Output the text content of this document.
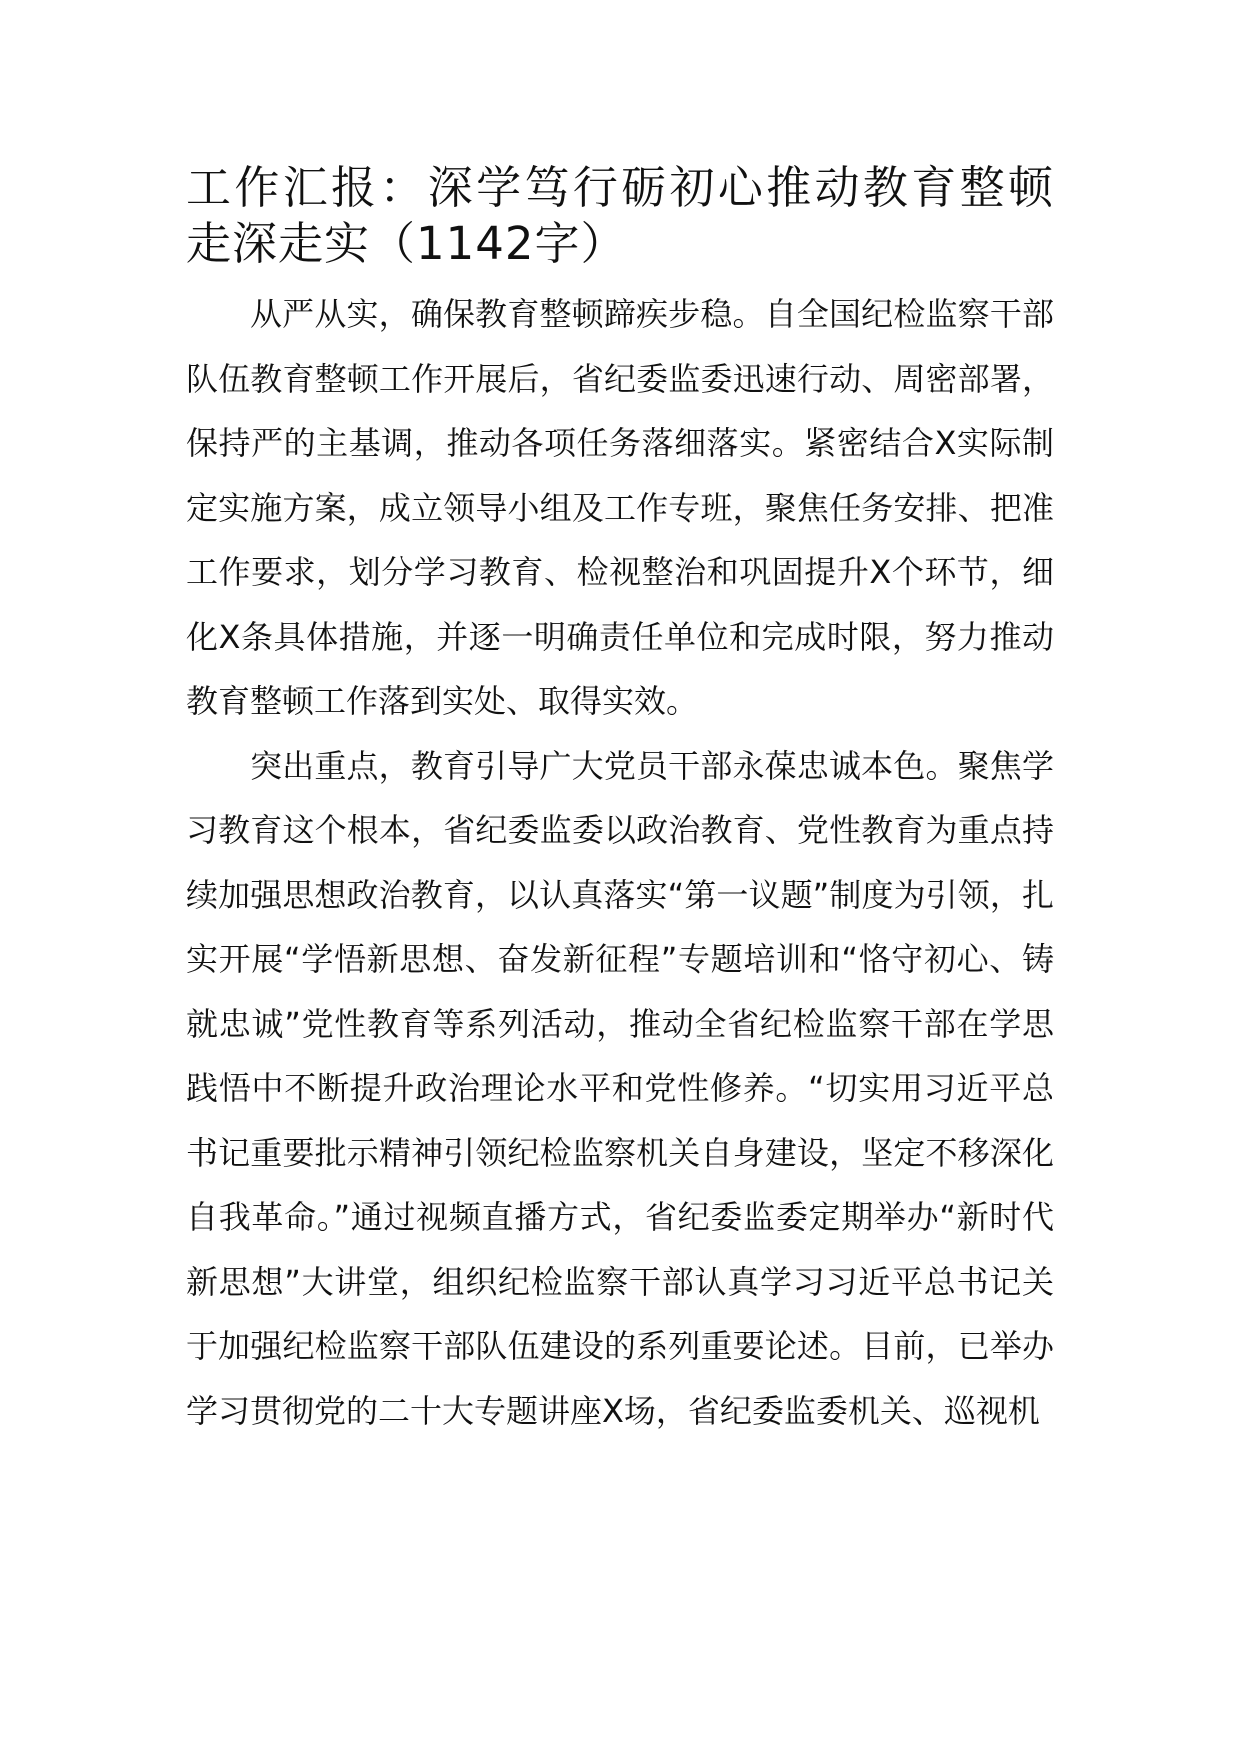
工作汇报：深学笃行砺初心推动教育整顿走深走实（1142字）

从严从实，确保教育整顿蹄疾步稳。自全国纪检监察干部队伍教育整顿工作开展后，省纪委监委迅速行动、周密部署，保持严的主基调，推动各项任务落细落实。紧密结合X实际制定实施方案，成立领导小组及工作专班，聚焦任务安排、把准工作要求，划分学习教育、检视整治和巩固提升X个环节，细化X条具体措施，并逐一明确责任单位和完成时限，努力推动教育整顿工作落到实处、取得实效。

突出重点，教育引导广大党员干部永葆忠诚本色。聚焦学习教育这个根本，省纪委监委以政治教育、党性教育为重点持续加强思想政治教育，以认真落实“第一议题”制度为引领，扎实开展“学悟新思想、奋发新征程”专题培训和“恪守初心、铸就忠诚”党性教育等系列活动，推动全省纪检监察干部在学思践悟中不断提升政治理论水平和党性修养。“切实用习近平总书记重要批示精神引领纪检监察机关自身建设，坚定不移深化自我革命。”通过视频直播方式，省纪委监委定期举办“新时代新思想”大讲堂，组织纪检监察干部认真学习习近平总书记关于加强纪检监察干部队伍建设的系列重要论述。目前，已举办学习贯彻党的二十大专题讲座X场，省纪委监委机关、巡视机
